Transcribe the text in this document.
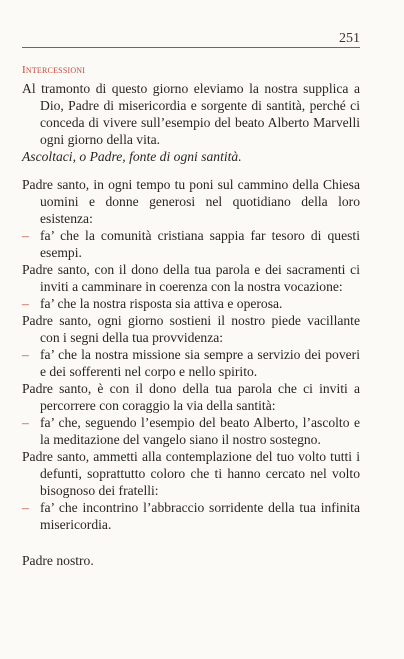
251
Intercessioni

Al tramonto di questo giorno eleviamo la nostra supplica a Dio, Padre di misericordia e sorgente di santità, perché ci conceda di vivere sull’esempio del beato Alberto Marvelli ogni giorno della vita.
Ascoltaci, o Padre, fonte di ogni santità.

Padre santo, in ogni tempo tu poni sul cammino della Chiesa uomini e donne generosi nel quotidiano della loro esistenza:

– fa’ che la comunità cristiana sappia far tesoro di questi esempi.

Padre santo, con il dono della tua parola e dei sacramenti ci inviti a camminare in coerenza con la nostra vocazione:

– fa’ che la nostra risposta sia attiva e operosa.

Padre santo, ogni giorno sostieni il nostro piede vacillante con i segni della tua provvidenza:

– fa’ che la nostra missione sia sempre a servizio dei poveri e dei sofferenti nel corpo e nello spirito.

Padre santo, è con il dono della tua parola che ci inviti a percorrere con coraggio la via della santità:

– fa’ che, seguendo l’esempio del beato Alberto, l’ascolto e la meditazione del vangelo siano il nostro sostegno.

Padre santo, ammetti alla contemplazione del tuo volto tutti i defunti, soprattutto coloro che ti hanno cercato nel volto bisognoso dei fratelli:

– fa’ che incontrino l’abbraccio sorridente della tua infinita misericordia.

Padre nostro.
